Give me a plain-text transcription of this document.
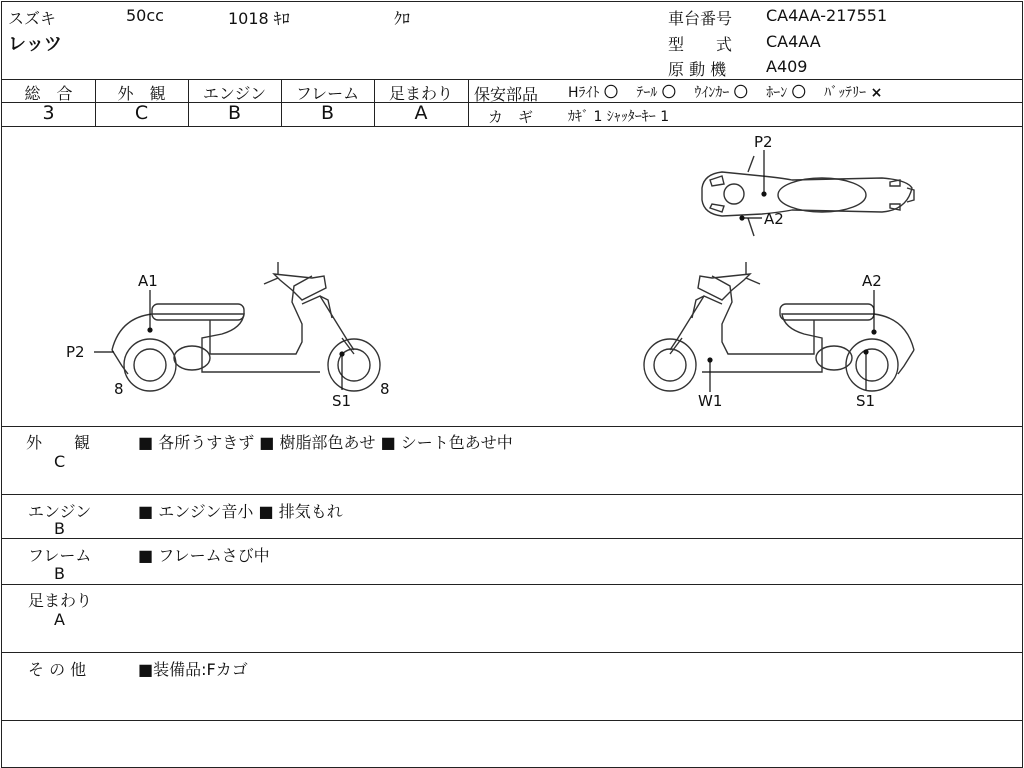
スズキ	50cc	1018 ｷﾛ	ｸﾛ
レッツ
車台番号 CA4AA-217551
型　　式 CA4AA
原 動 機 A409
総　合	外　観	エンジン	フレーム	足まわり
3	C	B	B	A
保安部品 Hﾗｲﾄ 〇 ﾃｰﾙ 〇 ｳｲﾝｶｰ 〇 ﾎｰﾝ 〇 ﾊﾞｯﾃﾘｰ ×
カ　ギ ｶｷﾞ 1 ｼｬｯﾀｰｷｰ 1
P2
A2
A1
P2
8
S1
8
A2
W1	S1
外　　観
C
■ 各所うすきず ■ 樹脂部色あせ ■ シート色あせ中
エンジン
B
■ エンジン音小 ■ 排気もれ
フレーム
B
■ フレームさび中
足まわり
A
そ の 他	■装備品:Fカゴ
